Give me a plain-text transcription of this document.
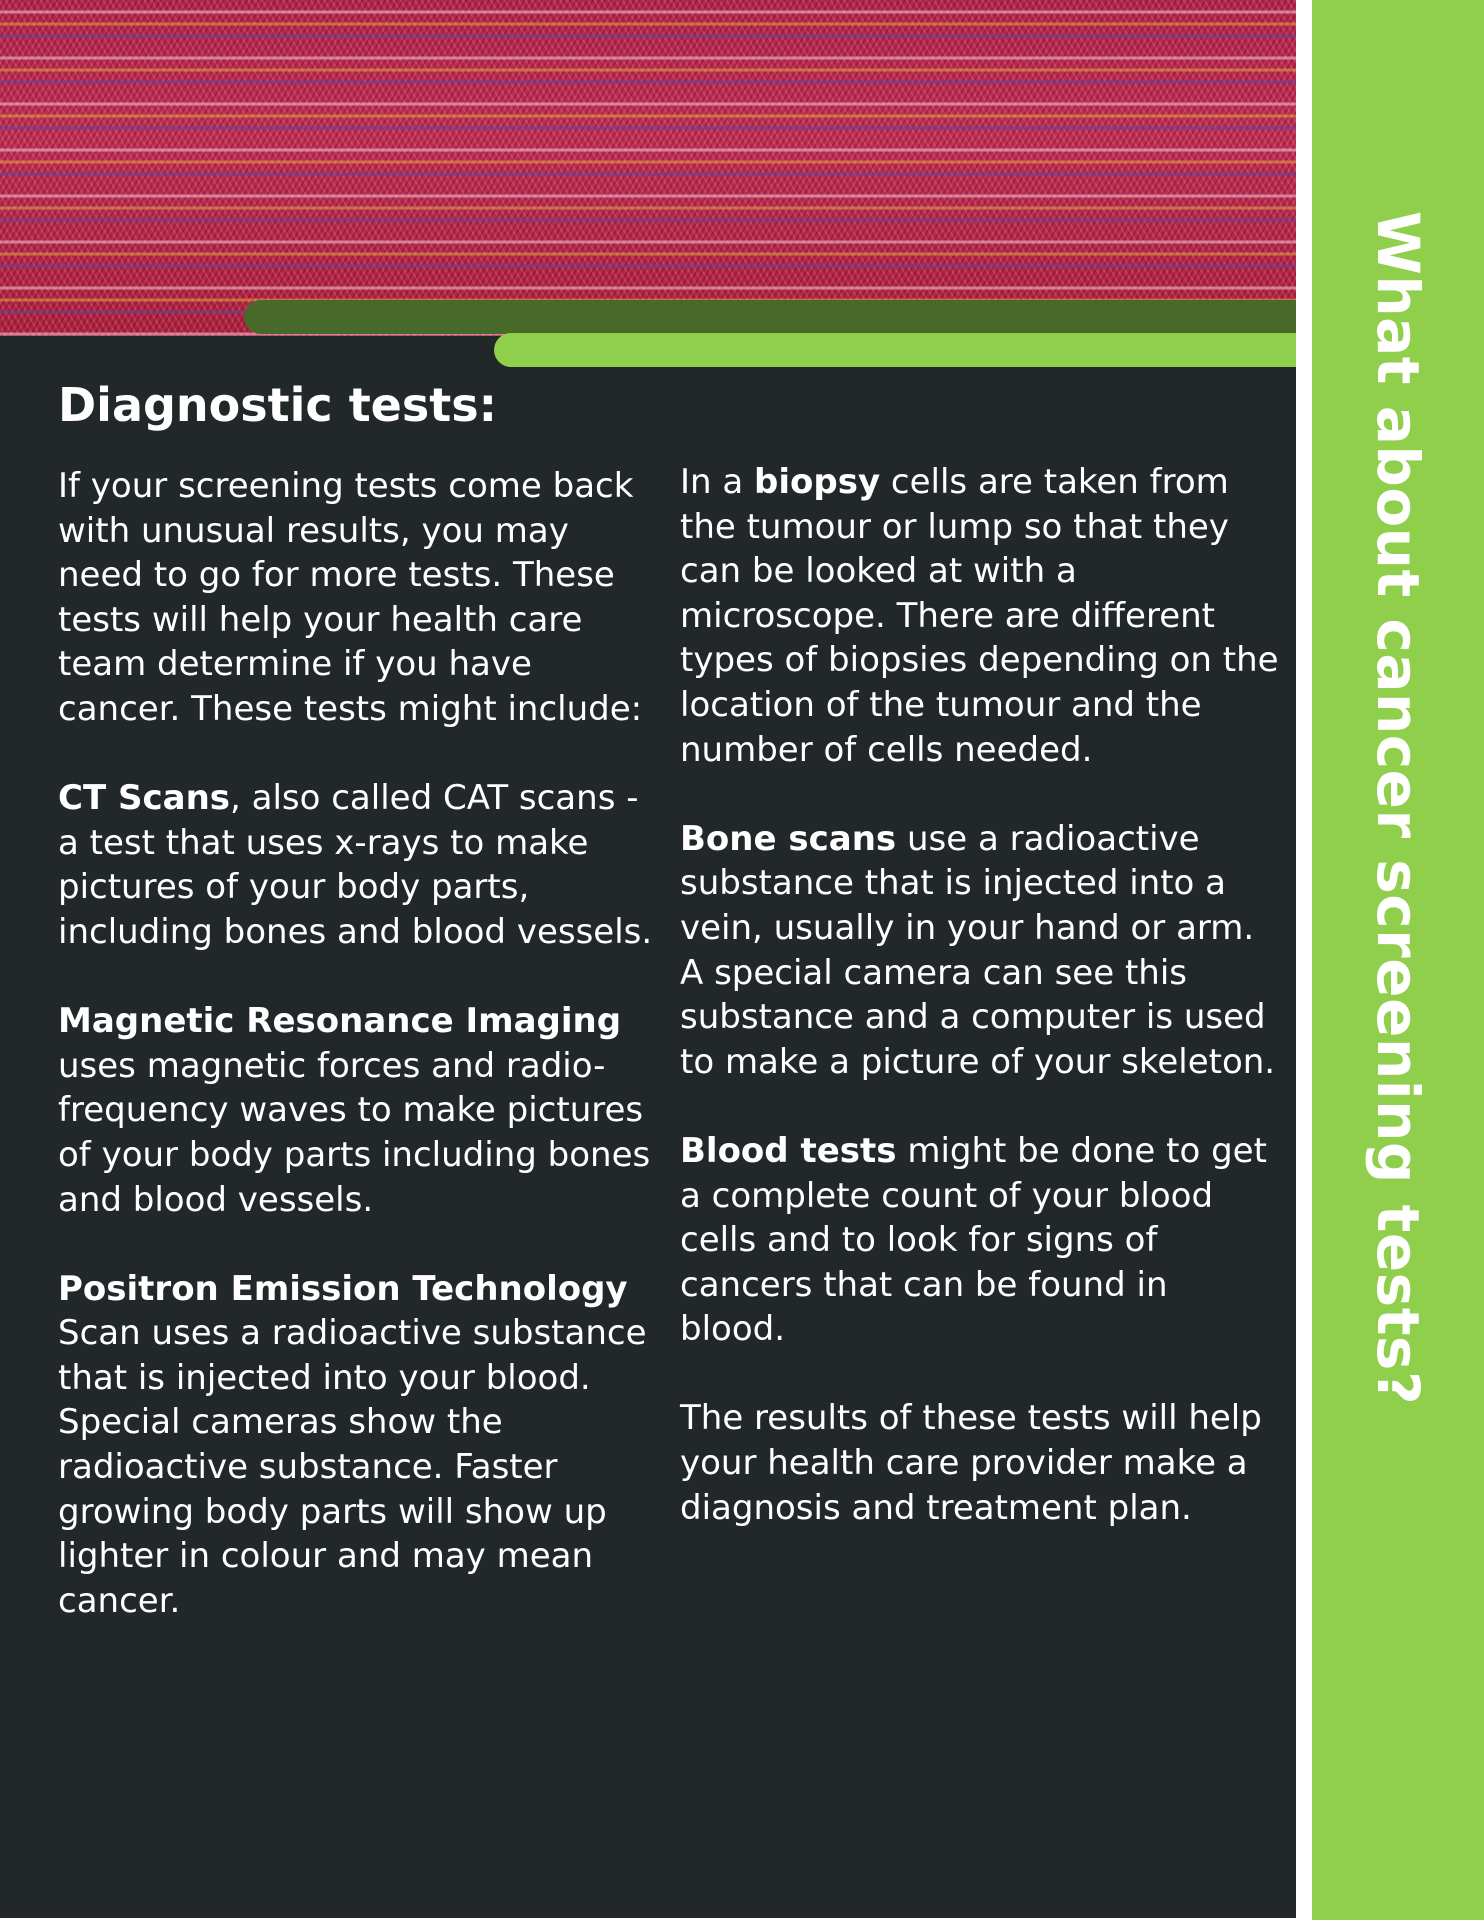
Diagnostic tests:

If your screening tests come back with unusual results, you may need to go for more tests. These tests will help your health care team determine if you have cancer. These tests might include:

CT Scans, also called CAT scans - a test that uses x-rays to make pictures of your body parts, including bones and blood vessels.

Magnetic Resonance Imaging uses magnetic forces and radio-frequency waves to make pictures of your body parts including bones and blood vessels.

Positron Emission Technology Scan uses a radioactive substance that is injected into your blood. Special cameras show the radioactive substance. Faster growing body parts will show up lighter in colour and may mean cancer.

In a biopsy cells are taken from the tumour or lump so that they can be looked at with a microscope. There are different types of biopsies depending on the location of the tumour and the number of cells needed.

Bone scans use a radioactive substance that is injected into a vein, usually in your hand or arm. A special camera can see this substance and a computer is used to make a picture of your skeleton.

Blood tests might be done to get a complete count of your blood cells and to look for signs of cancers that can be found in blood.

The results of these tests will help your health care provider make a diagnosis and treatment plan.

What about cancer screening tests?
